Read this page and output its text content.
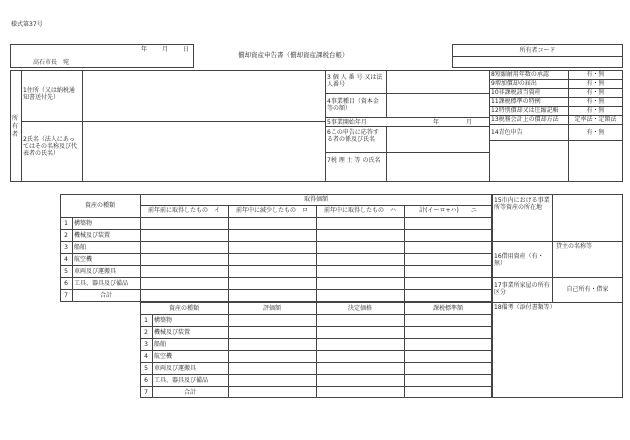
様式第37号
年 月 日
高石市長　宛
償却資産申告書（償却資産課税台帳）
所有者コード
所
有
者
1住所（又は納税通知書送付先）
2氏名（法人にあってはその名称及び代表者の氏名）
3 個 人 番 号 又は法人番号
4事業種目（資本金等の額）
5事業開始年月	年	月
6この申告に応答する者の係及び氏名
7税 理 士 等 の氏名
8短縮耐用年数の承認	有・無
9増加償却の届出	有・無
10非課税該当資産	有・無
11課税標準の特例	有・無
12特別償却又は圧縮記帳	有・無
13税務会計上の償却方法	定率法・定額法
14青色申告	有・無
資産の種類
取得価額
前年前に取得したもの　イ	前年中に減少したもの　ロ	前年中に取得したもの　ハ	計(イーロ+ハ)　　ニ
1	構築物
2	機械及び装置
3	船舶
4	航空機
5	車両及び運搬具
6	工具、器具及び備品
7	合計
15市内における事業所等資産の所在地
貸主の名称等
16借用資産（有・無）
17事業所家屋の所有区分	自己所有・借家
18備考（添付書類等）
資産の種類	評価額	決定価格	課税標準額
1	構築物
2	機械及び装置
3	船舶
4	航空機
5	車両及び運搬具
6	工具、器具及び備品
7	合計
